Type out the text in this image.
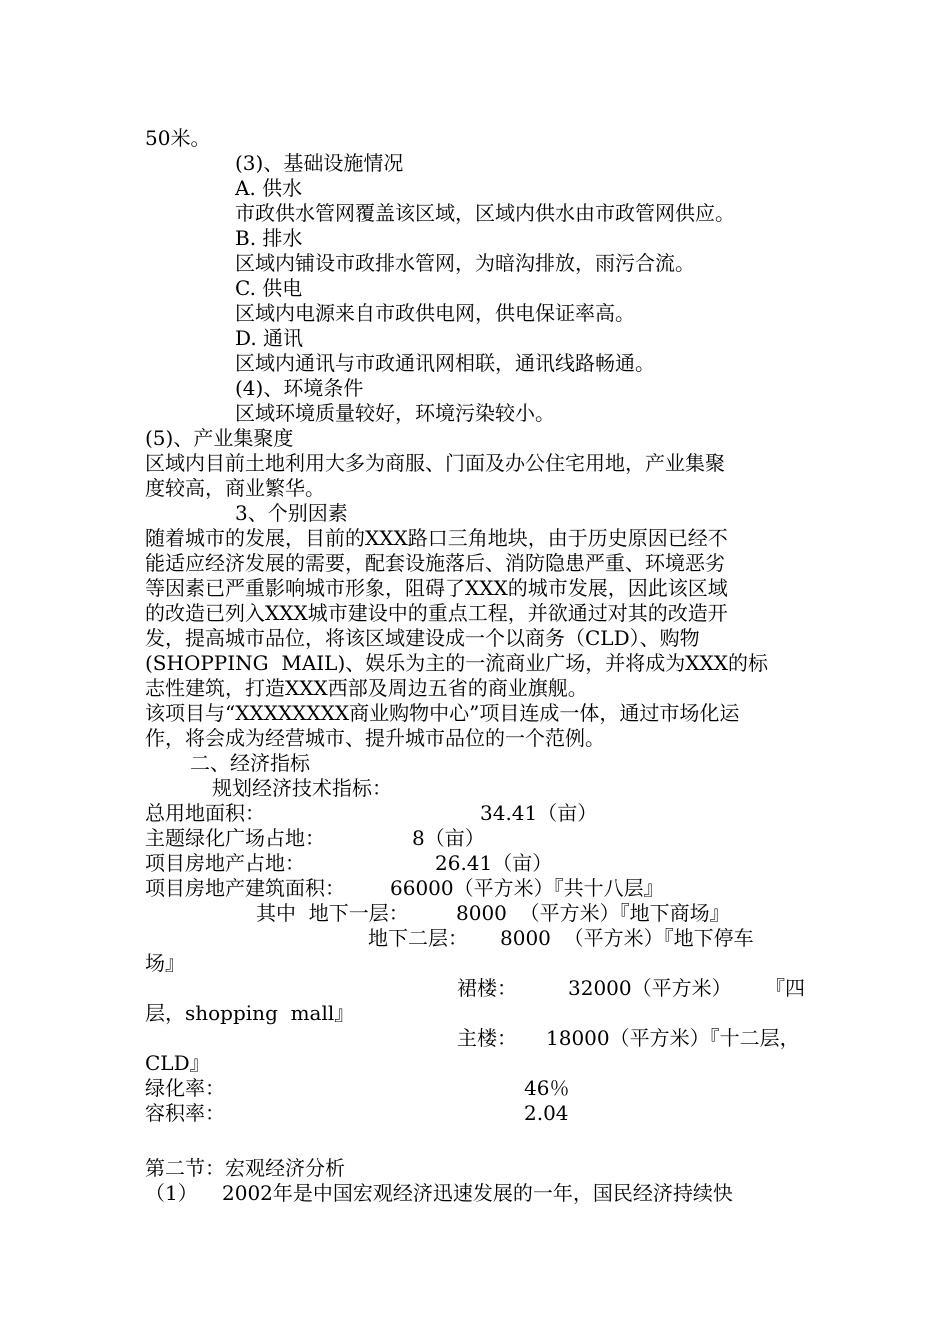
50米。
(3)、基础设施情况
A. 供水
市政供水管网覆盖该区域，区域内供水由市政管网供应。
B. 排水
区域内铺设市政排水管网，为暗沟排放，雨污合流。
C. 供电
区域内电源来自市政供电网，供电保证率高。
D. 通讯
区域内通讯与市政通讯网相联，通讯线路畅通。
(4)、环境条件
区域环境质量较好，环境污染较小。
(5)、产业集聚度
区域内目前土地利用大多为商服、门面及办公住宅用地，产业集聚
度较高，商业繁华。
3、个别因素
随着城市的发展，目前的XXX路口三角地块，由于历史原因已经不
能适应经济发展的需要，配套设施落后、消防隐患严重、环境恶劣
等因素已严重影响城市形象，阻碍了XXX的城市发展，因此该区域
的改造已列入XXX城市建设中的重点工程，并欲通过对其的改造开
发，提高城市品位，将该区域建设成一个以商务（CLD）、购物
(SHOPPING  MAIL)、娱乐为主的一流商业广场，并将成为XXX的标
志性建筑，打造XXX西部及周边五省的商业旗舰。
该项目与“XXXXXXXX商业购物中心”项目连成一体，通过市场化运
作，将会成为经营城市、提升城市品位的一个范例。
二、经济指标
规划经济技术指标：
总用地面积：	34.41（亩）
主题绿化广场占地：	8（亩）
项目房地产占地：	26.41（亩）
项目房地产建筑面积： 66000（平方米）『共十八层』
其中  地下一层： 8000  （平方米）『地下商场』
地下二层： 8000  （平方米）『地下停车
场』
裙楼：	32000（平方米） 『四
层，shopping  mall』
主楼： 18000（平方米）『十二层，
CLD』
绿化率：	46％
容积率：	2.04
第二节：宏观经济分析
（1） 2002年是中国宏观经济迅速发展的一年，国民经济持续快
